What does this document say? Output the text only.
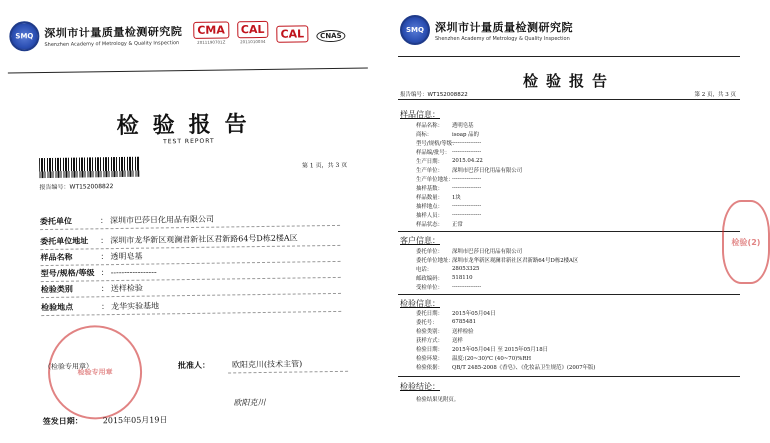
SMQ 深圳市计量质量检测研究院
Shenzhen Academy of Metrology & Quality Inspection
CMA
2011190701Z
CAL
2011010034
CAL	CNAS
检验报告
TEST REPORT
第 1 页，共 3 页
报告编号：WT152008822
委托单位	： 深圳市巴莎日化用品有限公司
委托单位地址	： 深圳市龙华新区观澜君新社区君新路64号D栋2楼A区
样品名称	： 透明皂基
型号/规格/等级 ： -----------------
检验类别	： 送样检验
检验地点	： 龙华实验基地
检验专用章
（检验专用章）	批准人：	欧阳克川(技术主管)
欧阳克川
签发日期：	2015年05月19日
SMQ	深圳市计量质量检测研究院
Shenzhen Academy of Metrology & Quality Inspection
检验报告
报告编号：WT152008822	第 2 页，共 3 页
样品信息：
样品名称：	透明皂基
商标：	isoap 品的
型号/规格/等级：
----------------
样品编/批号： ----------------
生产日期：	2015.04.22
生产单位：	深圳市巴莎日化用品有限公司
生产单位地址：
----------------
抽样基数：	----------------
样品数量：	1块
抽样地点：	----------------
抽样人员：	----------------
样品状态：	正常
客户信息：
委托单位：	深圳市巴莎日化用品有限公司
委托单位地址：
深圳市龙华新区观澜君新社区君新路64号D栋2楼A区
电话：	28053325
邮政编码：	518110
受检单位：	----------------
检验信息：
委托日期：	2015年05月04日
委托号：	6785481
检验类别：	送样检验
获样方式：	送样
检验日期：	2015年05月04日 至 2015年05月18日
检验环境：	温度:(20~30)℃ (40~70)%RH
检验依据：	QB/T 2485-2008《香皂》、《化妆品卫生规范》(2007年版)
检验结论：
检验结果见附页。
检验(2)
